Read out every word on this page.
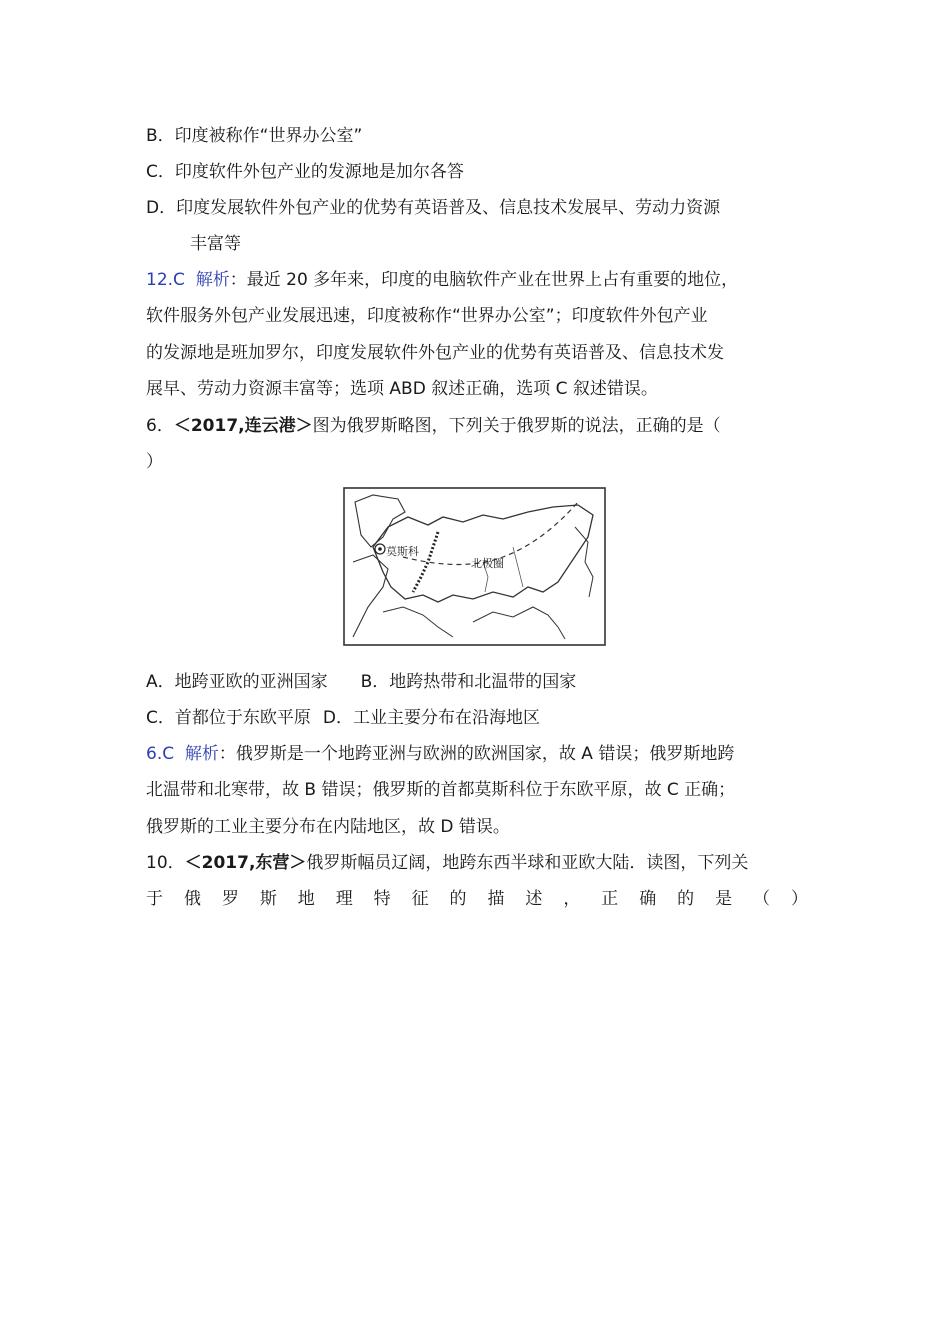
B．印度被称作“世界办公室”
C．印度软件外包产业的发源地是加尔各答
D．印度发展软件外包产业的优势有英语普及、信息技术发展早、劳动力资源
丰富等
12.C 解析：最近 20 多年来，印度的电脑软件产业在世界上占有重要的地位，
软件服务外包产业发展迅速，印度被称作“世界办公室”；印度软件外包产业
的发源地是班加罗尔，印度发展软件外包产业的优势有英语普及、信息技术发
展早、劳动力资源丰富等；选项 ABD 叙述正确，选项 C 叙述错误。
6．＜2017,连云港＞图为俄罗斯略图，下列关于俄罗斯的说法，正确的是（
）
莫斯科
北极圈
A．地跨亚欧的亚洲国家 B．地跨热带和北温带的国家
C．首都位于东欧平原 D．工业主要分布在沿海地区
6.C 解析：俄罗斯是一个地跨亚洲与欧洲的欧洲国家，故 A 错误；俄罗斯地跨
北温带和北寒带，故 B 错误；俄罗斯的首都莫斯科位于东欧平原，故 C 正确；
俄罗斯的工业主要分布在内陆地区，故 D 错误。
10．＜2017,东营＞俄罗斯幅员辽阔，地跨东西半球和亚欧大陆．读图，下列关
于 俄 罗 斯 地 理 特 征 的 描 述 ， 正 确 的 是 （ ）
